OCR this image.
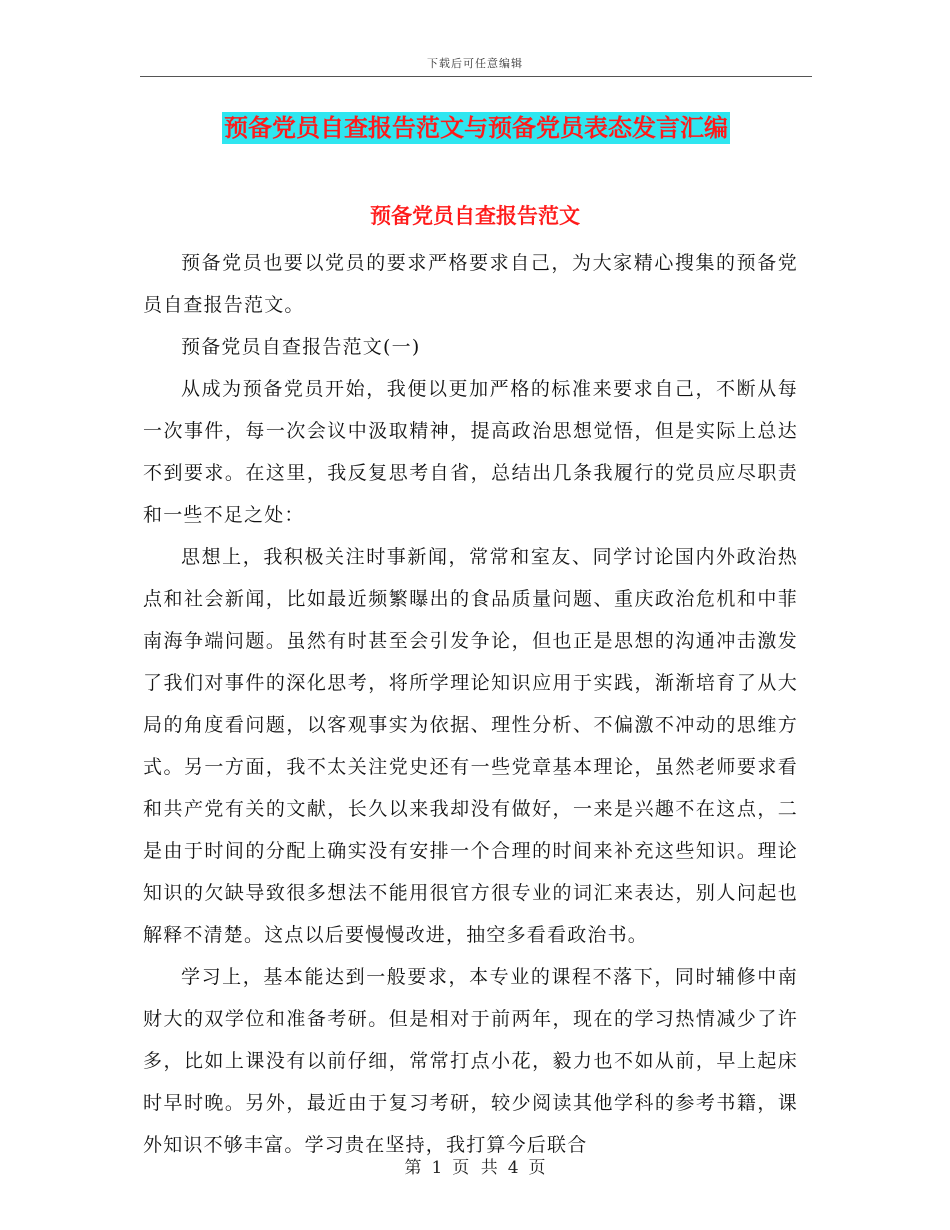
下载后可任意编辑
预备党员自查报告范文与预备党员表态发言汇编
预备党员自查报告范文

预备党员也要以党员的要求严格要求自己，为大家精心搜集的预备党员自查报告范文。

预备党员自查报告范文(一)

从成为预备党员开始，我便以更加严格的标准来要求自己，不断从每一次事件，每一次会议中汲取精神，提高政治思想觉悟，但是实际上总达不到要求。在这里，我反复思考自省，总结出几条我履行的党员应尽职责和一些不足之处：

思想上，我积极关注时事新闻，常常和室友、同学讨论国内外政治热点和社会新闻，比如最近频繁曝出的食品质量问题、重庆政治危机和中菲南海争端问题。虽然有时甚至会引发争论，但也正是思想的沟通冲击激发了我们对事件的深化思考，将所学理论知识应用于实践，渐渐培育了从大局的角度看问题，以客观事实为依据、理性分析、不偏激不冲动的思维方式。另一方面，我不太关注党史还有一些党章基本理论，虽然老师要求看和共产党有关的文献，长久以来我却没有做好，一来是兴趣不在这点，二是由于时间的分配上确实没有安排一个合理的时间来补充这些知识。理论知识的欠缺导致很多想法不能用很官方很专业的词汇来表达，别人问起也解释不清楚。这点以后要慢慢改进，抽空多看看政治书。

学习上，基本能达到一般要求，本专业的课程不落下，同时辅修中南财大的双学位和准备考研。但是相对于前两年，现在的学习热情减少了许多，比如上课没有以前仔细，常常打点小花，毅力也不如从前，早上起床时早时晚。另外，最近由于复习考研，较少阅读其他学科的参考书籍，课外知识不够丰富。学习贵在坚持，我打算今后联合

第 1 页 共 4 页
